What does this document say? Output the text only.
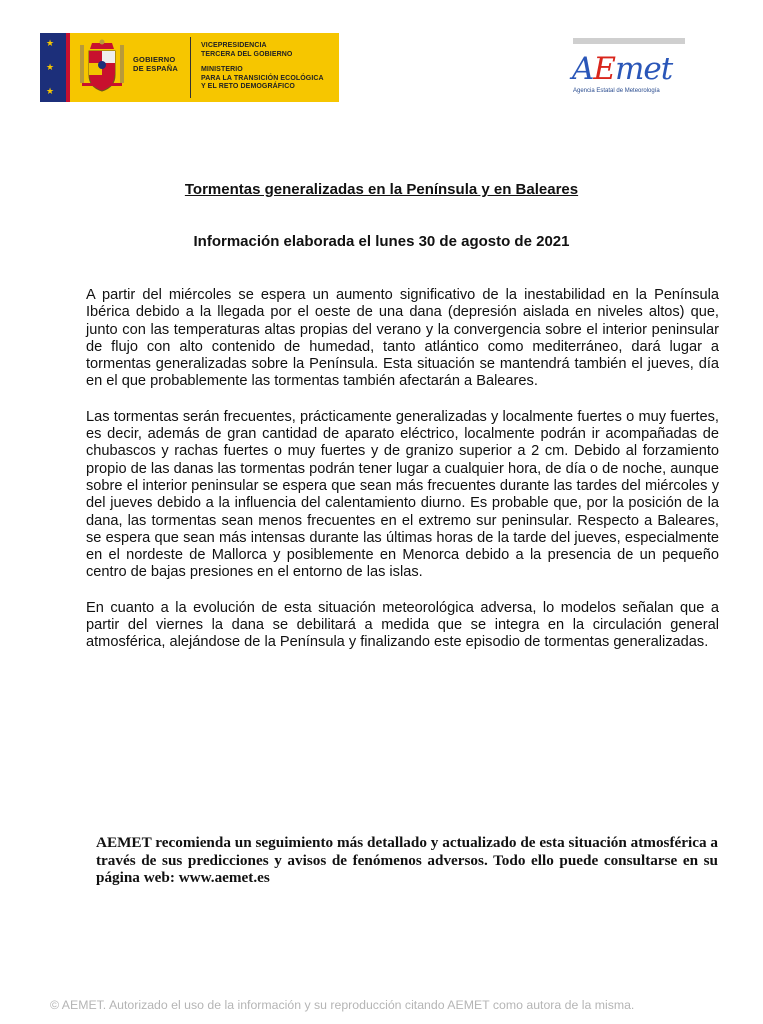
★
★
★
GOBIERNO
DE ESPAÑA
VICEPRESIDENCIA
TERCERA DEL GOBIERNO
MINISTERIO
PARA LA TRANSICIÓN ECOLÓGICA
Y EL RETO DEMOGRÁFICO	AEmet
Agencia Estatal de Meteorología
Tormentas generalizadas en la Península y en Baleares
Información elaborada el lunes 30 de agosto de 2021

A partir del miércoles se espera un aumento significativo de la inestabilidad en la Península Ibérica debido a la llegada por el oeste de una dana (depresión aislada en niveles altos) que, junto con las temperaturas altas propias del verano y la convergencia sobre el interior peninsular de flujo con alto contenido de humedad, tanto atlántico como mediterráneo, dará lugar a tormentas generalizadas sobre la Península. Esta situación se mantendrá también el jueves, día en el que probablemente las tormentas también afectarán a Baleares.

Las tormentas serán frecuentes, prácticamente generalizadas y localmente fuertes o muy fuertes, es decir, además de gran cantidad de aparato eléctrico, localmente podrán ir acompañadas de chubascos y rachas fuertes o muy fuertes y de granizo superior a 2 cm. Debido al forzamiento propio de las danas las tormentas podrán tener lugar a cualquier hora, de día o de noche, aunque sobre el interior peninsular se espera que sean más frecuentes durante las tardes del miércoles y del jueves debido a la influencia del calentamiento diurno. Es probable que, por la posición de la dana, las tormentas sean menos frecuentes en el extremo sur peninsular. Respecto a Baleares, se espera que sean más intensas durante las últimas horas de la tarde del jueves, especialmente en el nordeste de Mallorca y posiblemente en Menorca debido a la presencia de un pequeño centro de bajas presiones en el entorno de las islas.

En cuanto a la evolución de esta situación meteorológica adversa, lo modelos señalan que a partir del viernes la dana se debilitará a medida que se integra en la circulación general atmosférica, alejándose de la Península y finalizando este episodio de tormentas generalizadas.

AEMET recomienda un seguimiento más detallado y actualizado de esta situación atmosférica a través de sus predicciones y avisos de fenómenos adversos. Todo ello puede consultarse en su página web: www.aemet.es

© AEMET. Autorizado el uso de la información y su reproducción citando AEMET como autora de la misma.
